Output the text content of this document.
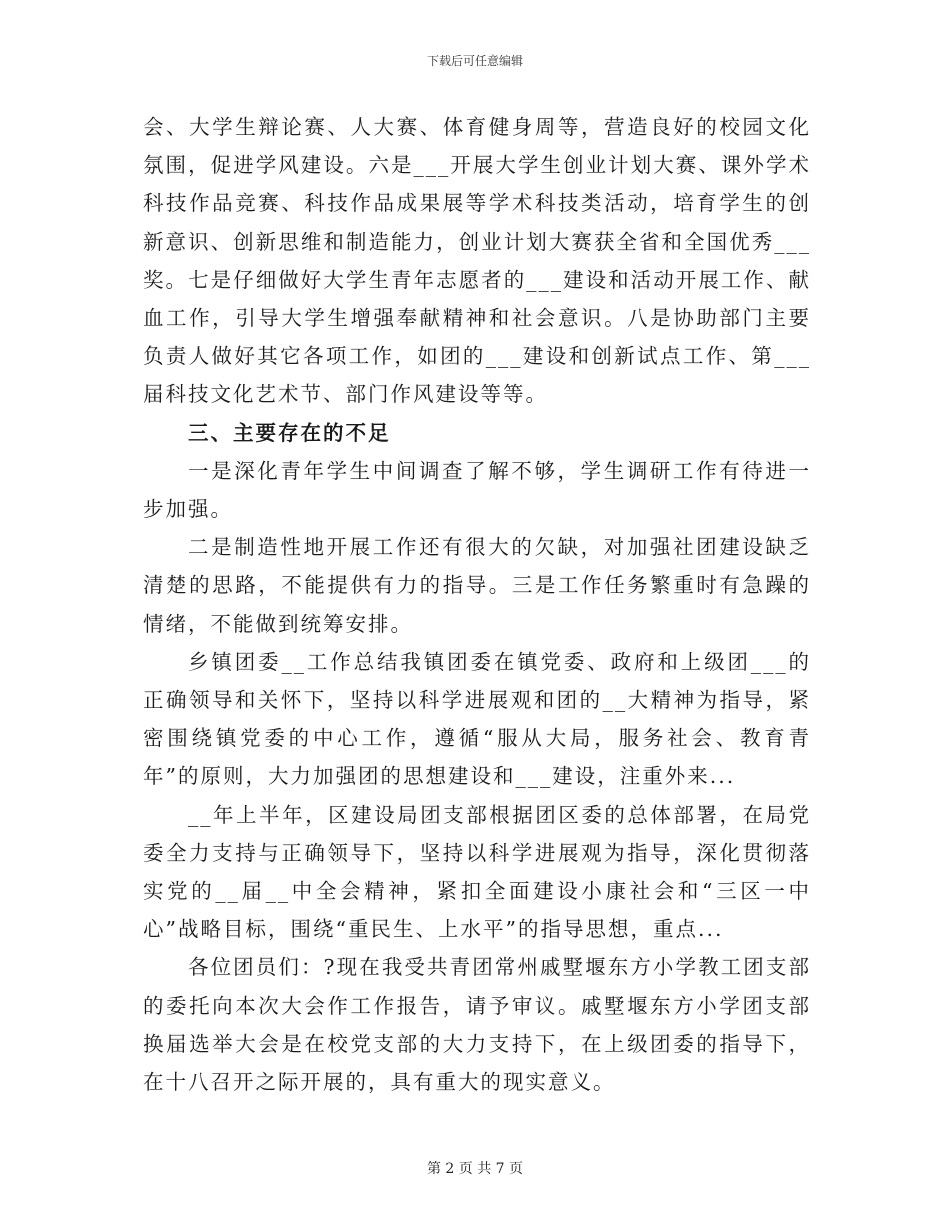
下载后可任意编辑

会、大学生辩论赛、人大赛、体育健身周等，营造良好的校园文化氛围，促进学风建设。六是___开展大学生创业计划大赛、课外学术科技作品竞赛、科技作品成果展等学术科技类活动，培育学生的创新意识、创新思维和制造能力，创业计划大赛获全省和全国优秀___奖。七是仔细做好大学生青年志愿者的___建设和活动开展工作、献血工作，引导大学生增强奉献精神和社会意识。八是协助部门主要负责人做好其它各项工作，如团的___建设和创新试点工作、第___届科技文化艺术节、部门作风建设等等。

三、主要存在的不足

一是深化青年学生中间调查了解不够，学生调研工作有待进一步加强。

二是制造性地开展工作还有很大的欠缺，对加强社团建设缺乏清楚的思路，不能提供有力的指导。三是工作任务繁重时有急躁的情绪，不能做到统筹安排。

乡镇团委__工作总结我镇团委在镇党委、政府和上级团___的正确领导和关怀下，坚持以科学进展观和团的__大精神为指导，紧密围绕镇党委的中心工作，遵循“服从大局，服务社会、教育青年”的原则，大力加强团的思想建设和___建设，注重外来...

__年上半年，区建设局团支部根据团区委的总体部署，在局党委全力支持与正确领导下，坚持以科学进展观为指导，深化贯彻落实党的__届__中全会精神，紧扣全面建设小康社会和“三区一中心”战略目标，围绕“重民生、上水平”的指导思想，重点...

各位团员们：?现在我受共青团常州戚墅堰东方小学教工团支部的委托向本次大会作工作报告，请予审议。戚墅堰东方小学团支部换届选举大会是在校党支部的大力支持下，在上级团委的指导下，在十八召开之际开展的，具有重大的现实意义。

第 2 页 共 7 页
